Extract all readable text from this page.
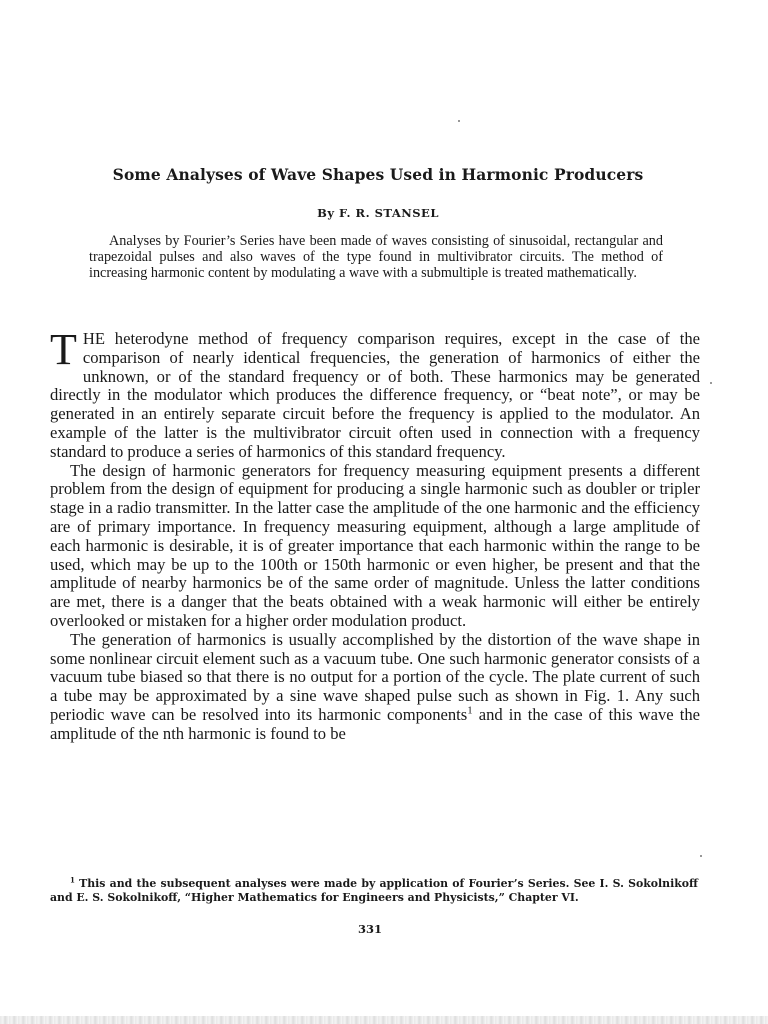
Some Analyses of Wave Shapes Used in Harmonic Producers
By F. R. STANSEL
Analyses by Fourier’s Series have been made of waves consisting of sinusoidal, rectangular and trapezoidal pulses and also waves of the type found in multivibrator circuits. The method of increasing harmonic content by modulating a wave with a submultiple is treated mathematically.

THE heterodyne method of frequency comparison requires, except in the case of the comparison of nearly identical frequencies, the generation of harmonics of either the unknown, or of the standard frequency or of both. These harmonics may be generated directly in the modulator which produces the difference frequency, or “beat note”, or may be generated in an entirely separate circuit before the frequency is applied to the modulator. An example of the latter is the multivibrator circuit often used in connection with a frequency standard to produce a series of harmonics of this standard frequency.

The design of harmonic generators for frequency measuring equipment presents a different problem from the design of equipment for producing a single harmonic such as doubler or tripler stage in a radio transmitter. In the latter case the amplitude of the one harmonic and the efficiency are of primary importance. In frequency measuring equipment, although a large amplitude of each harmonic is desirable, it is of greater importance that each harmonic within the range to be used, which may be up to the 100th or 150th harmonic or even higher, be present and that the amplitude of nearby harmonics be of the same order of magnitude. Unless the latter conditions are met, there is a danger that the beats obtained with a weak harmonic will either be entirely overlooked or mistaken for a higher order modulation product.

The generation of harmonics is usually accomplished by the distortion of the wave shape in some nonlinear circuit element such as a vacuum tube. One such harmonic generator consists of a vacuum tube biased so that there is no output for a portion of the cycle. The plate current of such a tube may be approximated by a sine wave shaped pulse such as shown in Fig. 1. Any such periodic wave can be resolved into its harmonic components$^1$ and in the case of this wave the amplitude of the nth harmonic is found to be

$^1$ This and the subsequent analyses were made by application of Fourier’s Series. See I. S. Sokolnikoff and E. S. Sokolnikoff, “Higher Mathematics for Engineers and Physicists,” Chapter VI.
331
